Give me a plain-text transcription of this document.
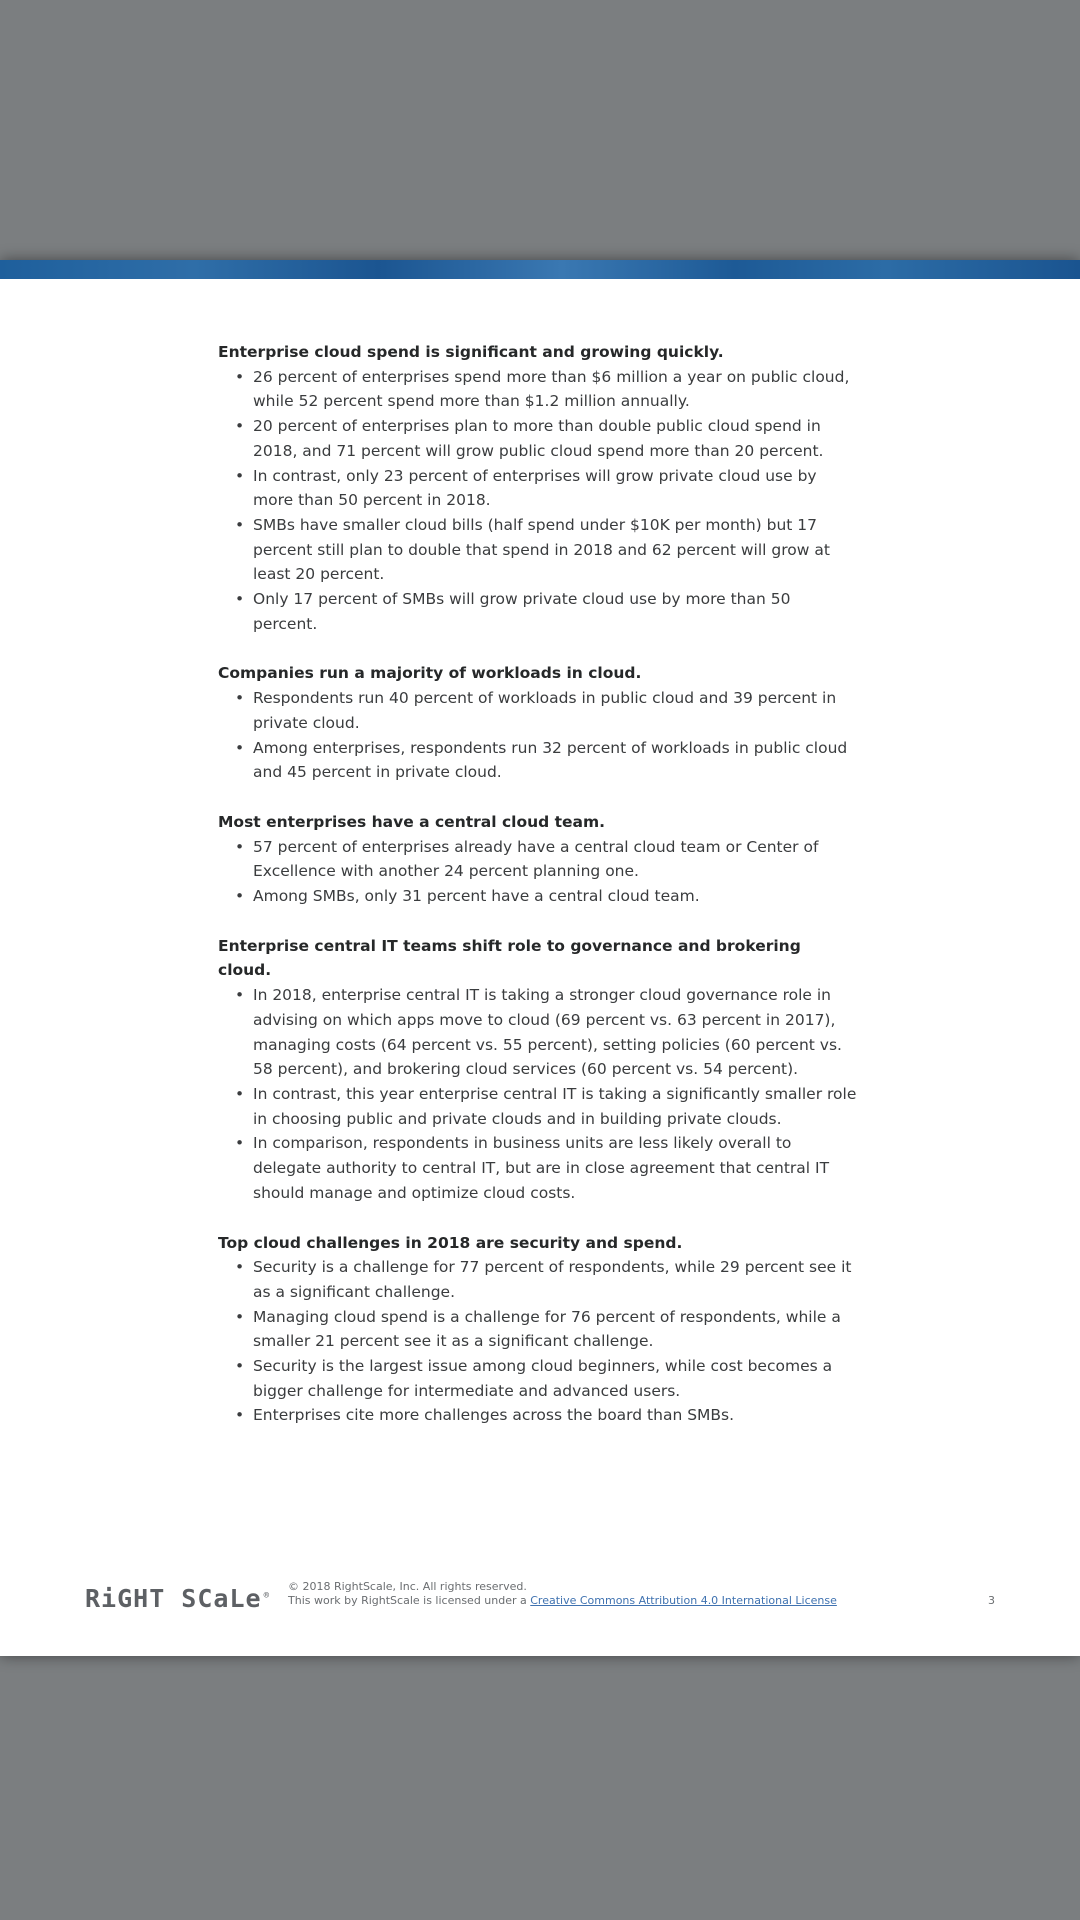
Enterprise cloud spend is significant and growing quickly.

• 26 percent of enterprises spend more than $6 million a year on public cloud, while 52 percent spend more than $1.2 million annually.
• 20 percent of enterprises plan to more than double public cloud spend in 2018, and 71 percent will grow public cloud spend more than 20 percent.
• In contrast, only 23 percent of enterprises will grow private cloud use by more than 50 percent in 2018.
• SMBs have smaller cloud bills (half spend under $10K per month) but 17 percent still plan to double that spend in 2018 and 62 percent will grow at least 20 percent.
• Only 17 percent of SMBs will grow private cloud use by more than 50 percent.

Companies run a majority of workloads in cloud.

• Respondents run 40 percent of workloads in public cloud and 39 percent in private cloud.
• Among enterprises, respondents run 32 percent of workloads in public cloud and 45 percent in private cloud.

Most enterprises have a central cloud team.

• 57 percent of enterprises already have a central cloud team or Center of Excellence with another 24 percent planning one.
• Among SMBs, only 31 percent have a central cloud team.

Enterprise central IT teams shift role to governance and brokering cloud.

• In 2018, enterprise central IT is taking a stronger cloud governance role in advising on which apps move to cloud (69 percent vs. 63 percent in 2017), managing costs (64 percent vs. 55 percent), setting policies (60 percent vs. 58 percent), and brokering cloud services (60 percent vs. 54 percent).
• In contrast, this year enterprise central IT is taking a significantly smaller role in choosing public and private clouds and in building private clouds.
• In comparison, respondents in business units are less likely overall to delegate authority to central IT, but are in close agreement that central IT should manage and optimize cloud costs.

Top cloud challenges in 2018 are security and spend.

• Security is a challenge for 77 percent of respondents, while 29 percent see it as a significant challenge.
• Managing cloud spend is a challenge for 76 percent of respondents, while a smaller 21 percent see it as a significant challenge.
• Security is the largest issue among cloud beginners, while cost becomes a bigger challenge for intermediate and advanced users.
• Enterprises cite more challenges across the board than SMBs.
RiGHT SCaLe ®
© 2018 RightScale, Inc. All rights reserved.
This work by RightScale is licensed under a Creative Commons Attribution 4.0 International License	3
